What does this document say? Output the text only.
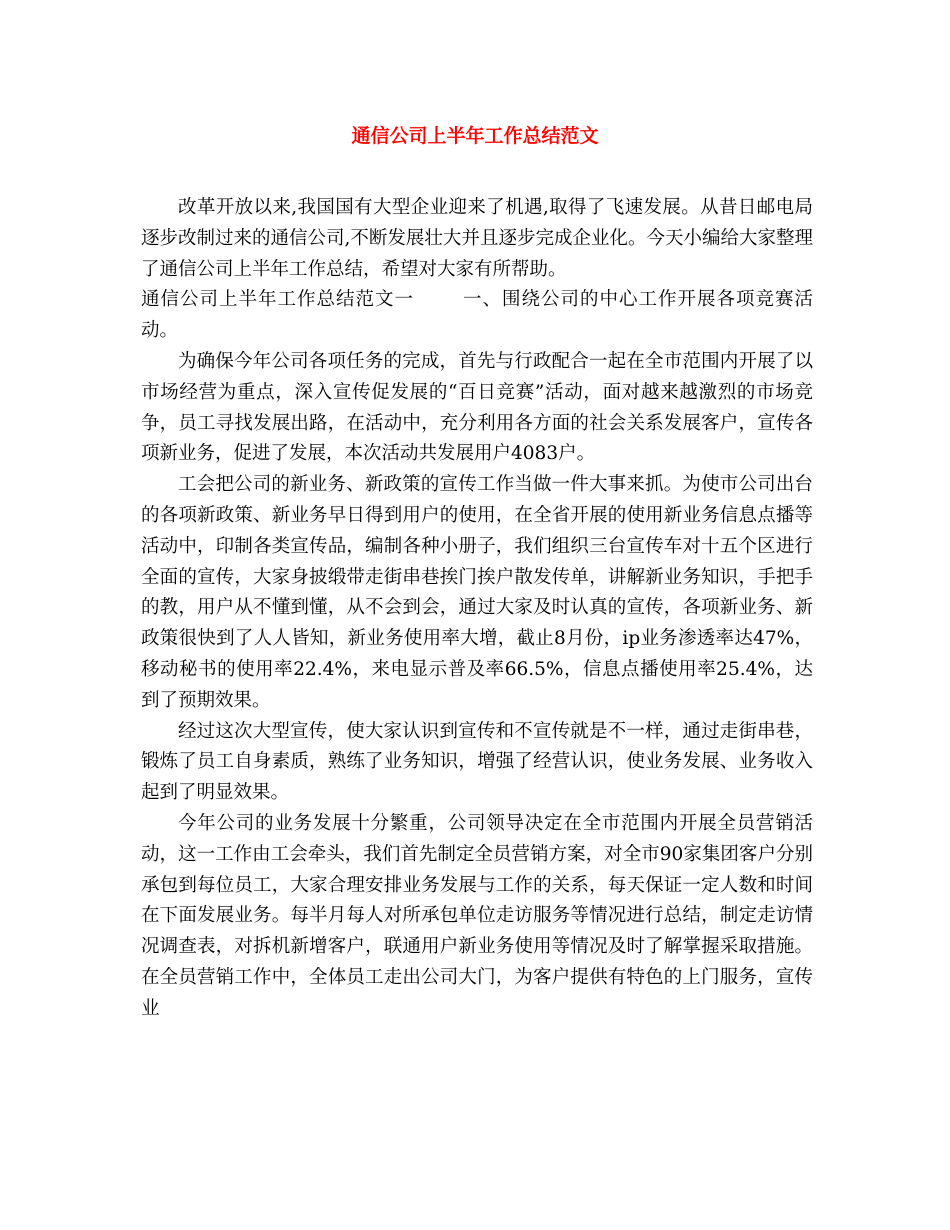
通信公司上半年工作总结范文

改革开放以来,我国国有大型企业迎来了机遇,取得了飞速发展。从昔日邮电局逐步改制过来的通信公司,不断发展壮大并且逐步完成企业化。今天小编给大家整理了通信公司上半年工作总结，希望对大家有所帮助。

通信公司上半年工作总结范文一	一、围绕公司的中心工作开展各项竞赛活动。

为确保今年公司各项任务的完成，首先与行政配合一起在全市范围内开展了以市场经营为重点，深入宣传促发展的“百日竞赛”活动，面对越来越激烈的市场竞争，员工寻找发展出路，在活动中，充分利用各方面的社会关系发展客户，宣传各项新业务，促进了发展，本次活动共发展用户4083户。

工会把公司的新业务、新政策的宣传工作当做一件大事来抓。为使市公司出台的各项新政策、新业务早日得到用户的使用，在全省开展的使用新业务信息点播等活动中，印制各类宣传品，编制各种小册子，我们组织三台宣传车对十五个区进行全面的宣传，大家身披缎带走街串巷挨门挨户散发传单，讲解新业务知识，手把手的教，用户从不懂到懂，从不会到会，通过大家及时认真的宣传，各项新业务、新政策很快到了人人皆知，新业务使用率大增，截止8月份，ip业务渗透率达47%，移动秘书的使用率22.4%，来电显示普及率66.5%，信息点播使用率25.4%，达到了预期效果。

经过这次大型宣传，使大家认识到宣传和不宣传就是不一样，通过走街串巷，锻炼了员工自身素质，熟练了业务知识，增强了经营认识，使业务发展、业务收入起到了明显效果。

今年公司的业务发展十分繁重，公司领导决定在全市范围内开展全员营销活动，这一工作由工会牵头，我们首先制定全员营销方案，对全市90家集团客户分别承包到每位员工，大家合理安排业务发展与工作的关系，每天保证一定人数和时间在下面发展业务。每半月每人对所承包单位走访服务等情况进行总结，制定走访情况调查表，对拆机新增客户，联通用户新业务使用等情况及时了解掌握采取措施。在全员营销工作中，全体员工走出公司大门，为客户提供有特色的上门服务，宣传业
